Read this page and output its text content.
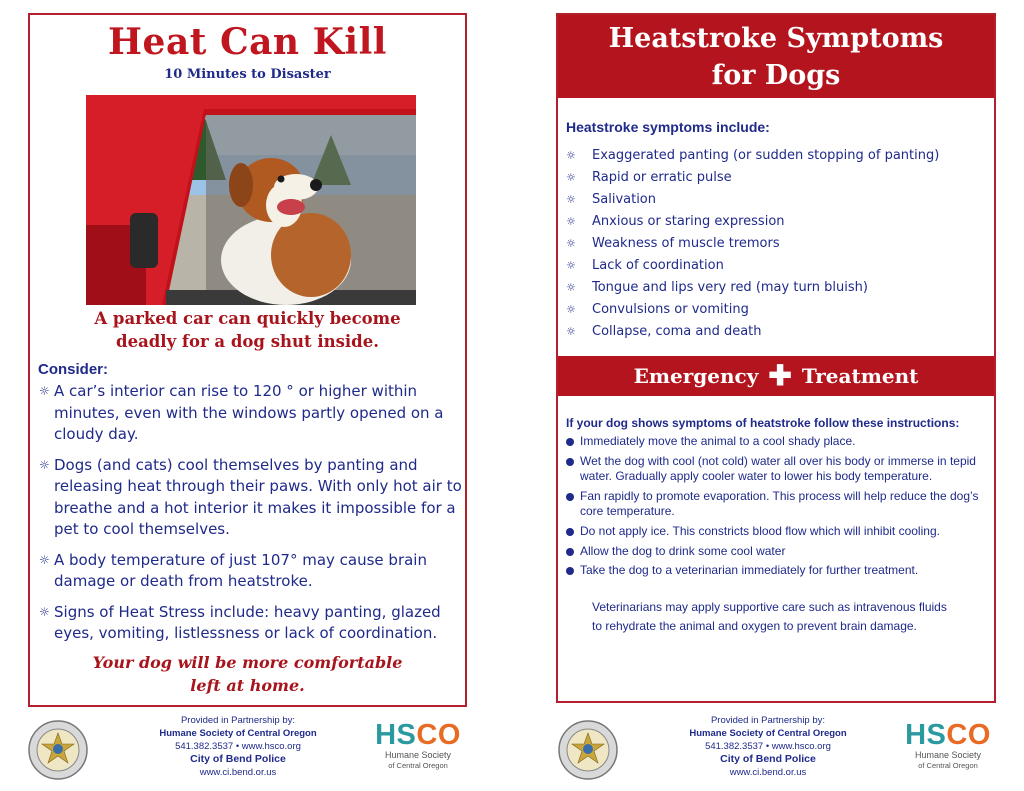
Heat Can Kill
10 Minutes to Disaster
A parked car can quickly become
deadly for a dog shut inside.
Consider:
☼ A car’s interior can rise to 120 ° or higher within minutes, even with the windows partly opened on a cloudy day.
☼ Dogs (and cats) cool themselves by panting and releasing heat through their paws. With only hot air to breathe and a hot interior it makes it impossible for a pet to cool themselves.
☼ A body temperature of just 107° may cause brain damage or death from heatstroke.
☼ Signs of Heat Stress include: heavy panting, glazed eyes, vomiting, listlessness or lack of coordination.
Your dog will be more comfortable
left at home.
Heatstroke Symptoms
for Dogs
Heatstroke symptoms include:
☼ Exaggerated panting (or sudden stopping of panting)
☼ Rapid or erratic pulse
☼ Salivation
☼ Anxious or staring expression
☼ Weakness of muscle tremors
☼ Lack of coordination
☼ Tongue and lips very red (may turn bluish)
☼ Convulsions or vomiting
☼ Collapse, coma and death
Emergency ✚ Treatment
If your dog shows symptoms of heatstroke follow these instructions:
Immediately move the animal to a cool shady place.
Wet the dog with cool (not cold) water all over his body or immerse in tepid water. Gradually apply cooler water to lower his body temperature.
Fan rapidly to promote evaporation. This process will help reduce the dog’s core temperature.
Do not apply ice. This constricts blood flow which will inhibit cooling.
Allow the dog to drink some cool water
Take the dog to a veterinarian immediately for further treatment.
Veterinarians may apply supportive care such as intravenous fluids
to rehydrate the animal and oxygen to prevent brain damage.
Provided in Partnership by:
Humane Society of Central Oregon
541.382.3537 • www.hsco.org
City of Bend Police
www.ci.bend.or.us
HSCO
Humane Society
of Central Oregon
Provided in Partnership by:
Humane Society of Central Oregon
541.382.3537 • www.hsco.org
City of Bend Police
www.ci.bend.or.us
HSCO
Humane Society
of Central Oregon
